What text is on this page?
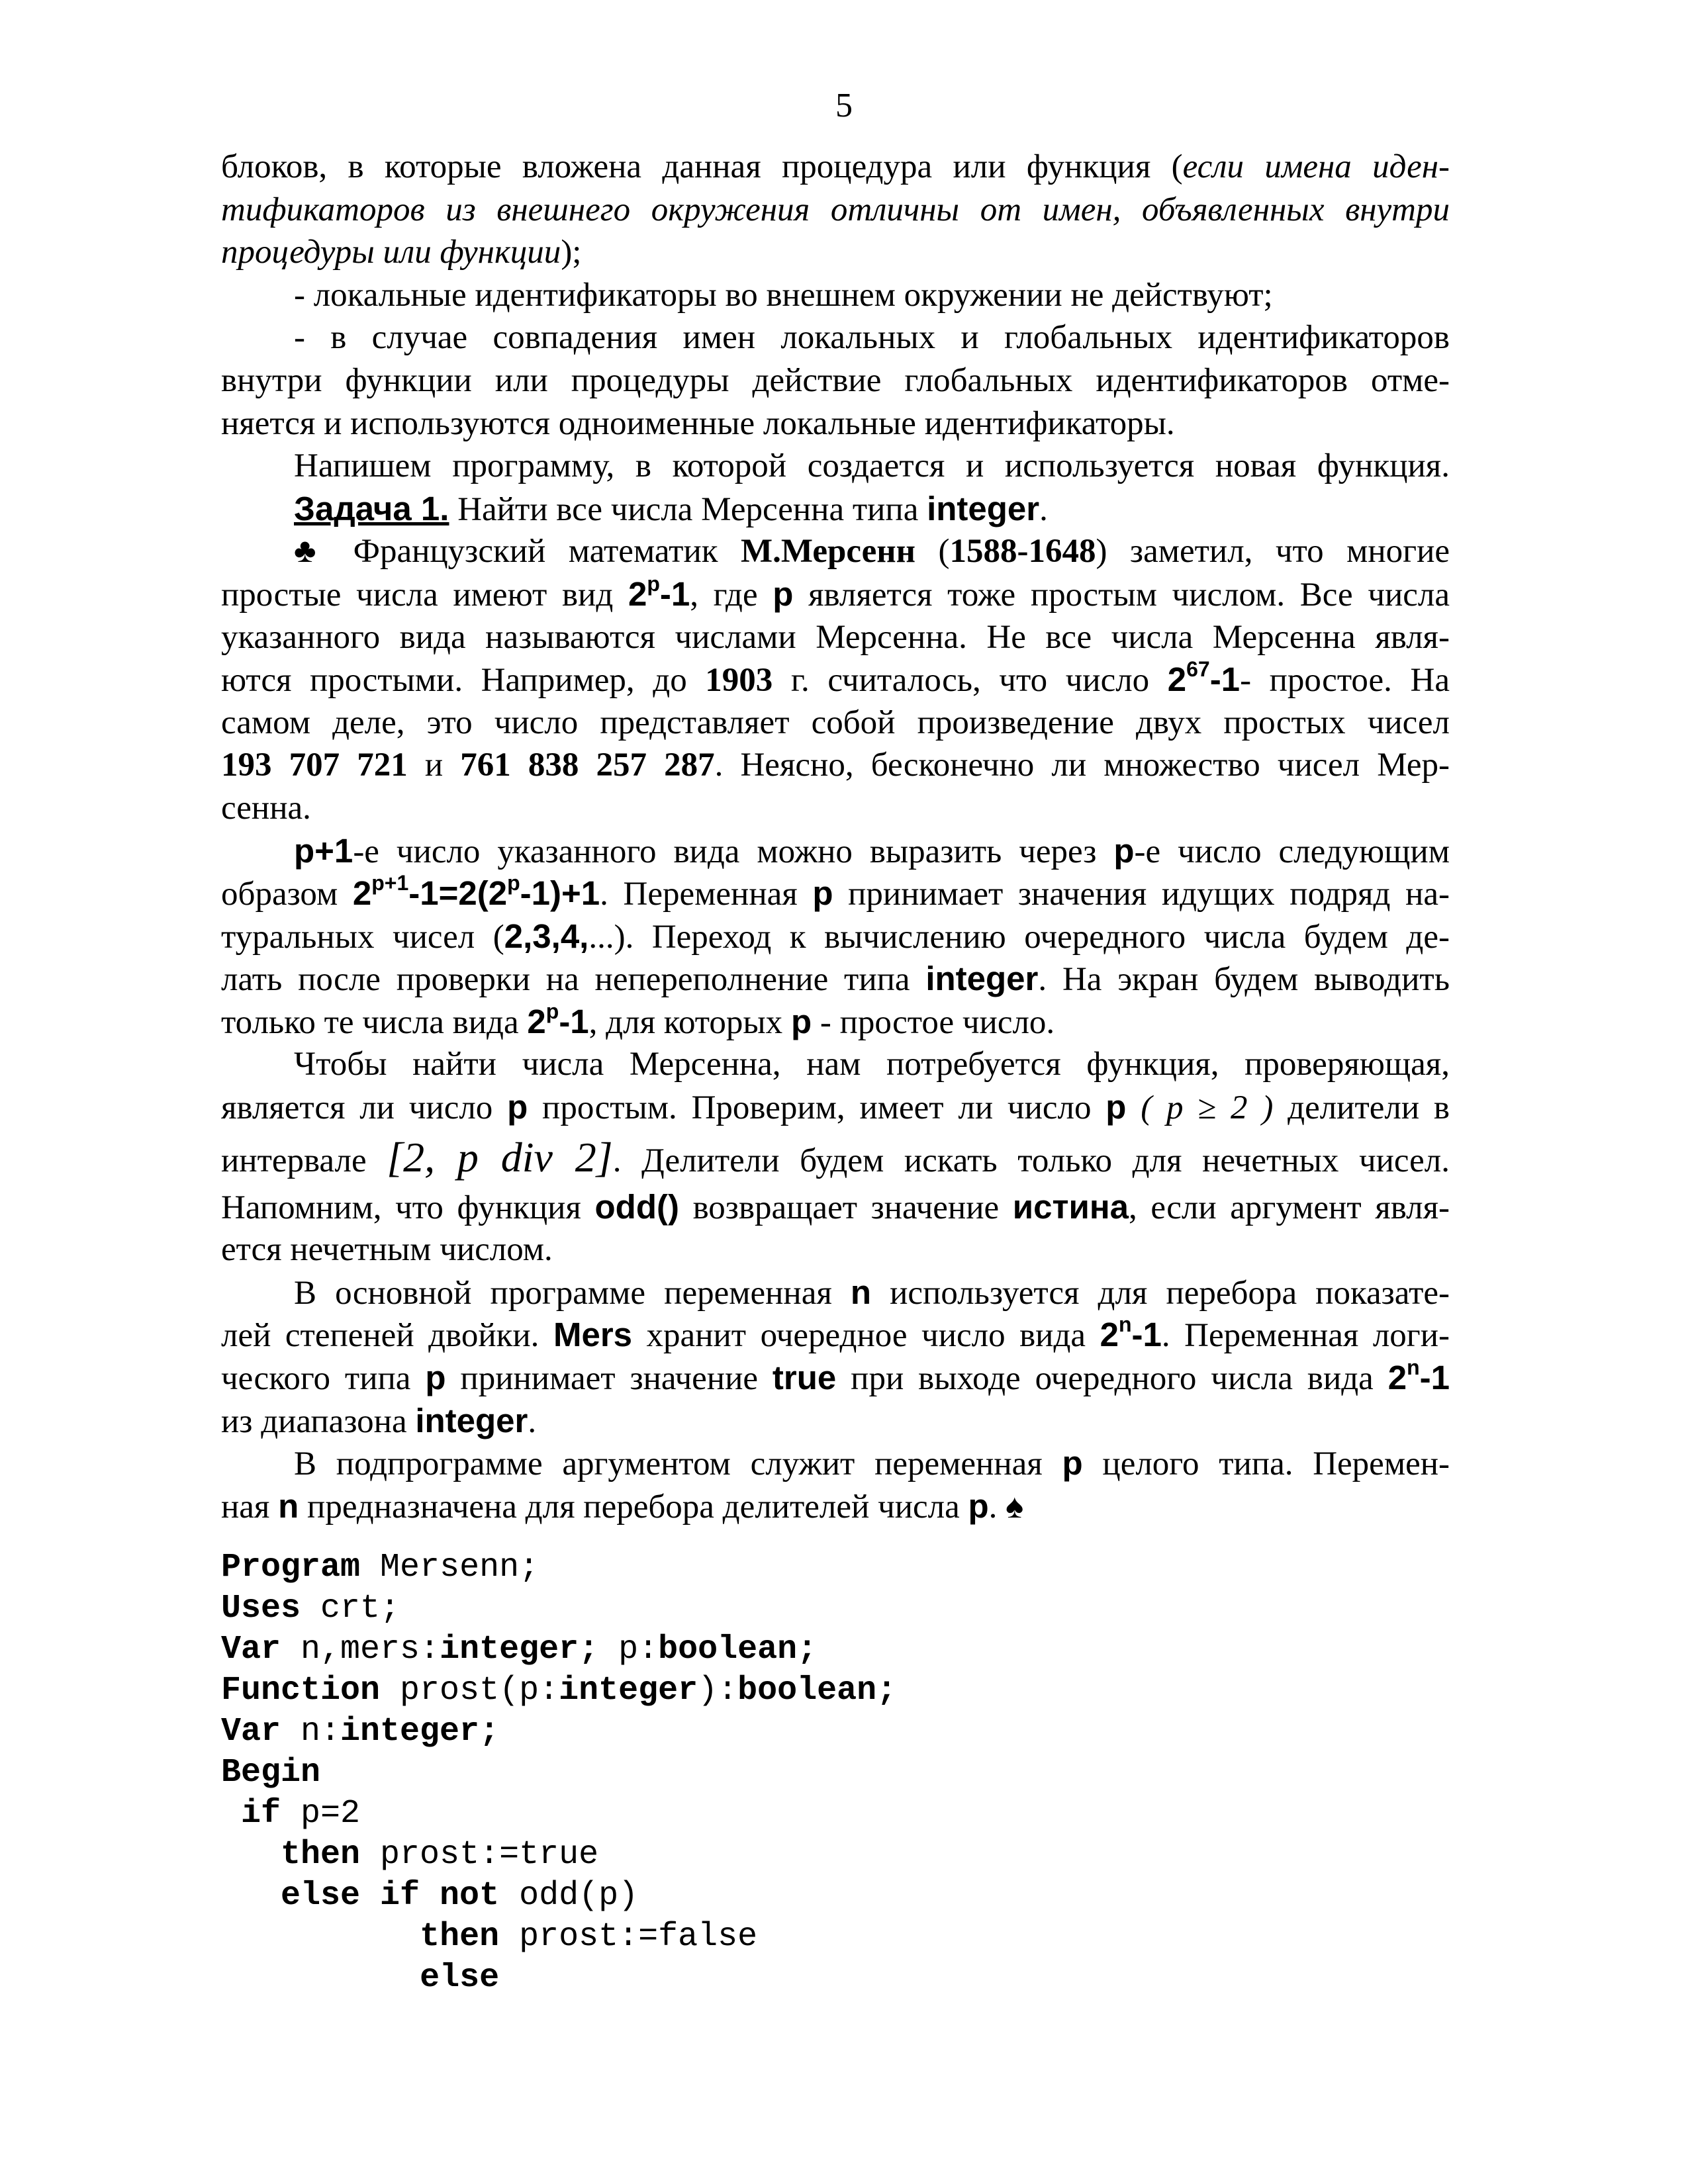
5
блоков, в которые вложена данная процедура или функция (если имена иден-
тификаторов из внешнего окружения отличны от имен, объявленных внутри
процедуры или функции);
- локальные идентификаторы во внешнем окружении не действуют;
- в случае совпадения имен локальных и глобальных идентификаторов
внутри функции или процедуры действие глобальных идентификаторов отме-
няется и используются одноименные локальные идентификаторы.
Напишем программу, в которой создается и используется новая функция.
Задача 1. Найти все числа Мерсенна типа integer.
♣ Французский математик М.Мерсенн (1588-1648) заметил, что многие
простые числа имеют вид 2$^p$-1, где p является тоже простым числом. Все числа
указанного вида называются числами Мерсенна. Не все числа Мерсенна явля-
ются простыми. Например, до 1903 г. считалось, что число $2^{67}-1-$ простое. На
самом деле, это число представляет собой произведение двух простых чисел
193 707 721 и 761 838 257 287. Неясно, бесконечно ли множество чисел Мер-
сенна.
p+1-е число указанного вида можно выразить через p-е число следующим
образом $2^{p+1}-1=2(2^p-1)+1$. Переменная p принимает значения идущих подряд на-
туральных чисел (2,3,4,...). Переход к вычислению очередного числа будем де-
лать после проверки на непереполнение типа integer. На экран будем выводить
только те числа вида 2$^p$-1, для которых p - простое число.
Чтобы найти числа Мерсенна, нам потребуется функция, проверяющая,
является ли число p простым. Проверим, имеет ли число p ( p ≥ 2 ) делители в
интервале [2, p div 2]. Делители будем искать только для нечетных чисел.
Напомним, что функция odd() возвращает значение истина, если аргумент явля-
ется нечетным числом.
В основной программе переменная n используется для перебора показате-
лей степеней двойки. Mers хранит очередное число вида 2$^n$-1. Переменная логи-
ческого типа p принимает значение true при выходе очередного числа вида 2$^n$-1
из диапазона integer.
В подпрограмме аргументом служит переменная p целого типа. Перемен-
ная n предназначена для перебора делителей числа p. ♠
Program Mersenn;
Uses crt;
Var n,mers:integer; p:boolean;
Function prost(p:integer):boolean;
Var n:integer;
Begin
if p=2
then prost:=true
else if not odd(p)
then prost:=false
else
